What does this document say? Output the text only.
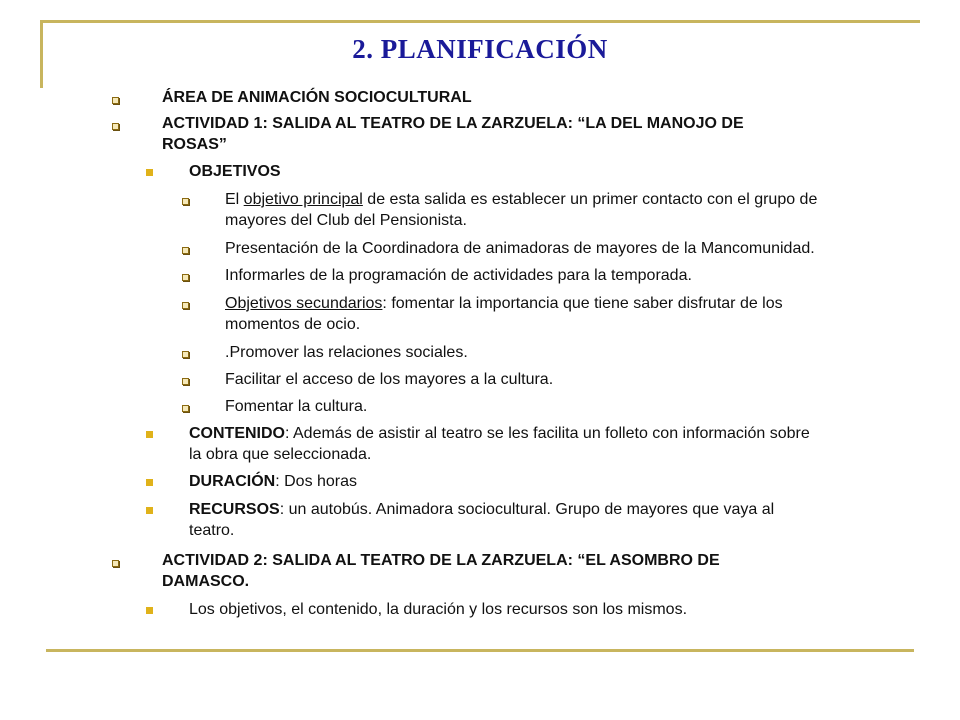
2. PLANIFICACIÓN
ÁREA DE ANIMACIÓN SOCIOCULTURAL
ACTIVIDAD 1: SALIDA AL TEATRO DE LA ZARZUELA: “LA DEL MANOJO DE
ROSAS”
OBJETIVOS
El objetivo principal de esta salida es establecer un primer contacto con el grupo de
mayores del Club del Pensionista.
Presentación de la Coordinadora de animadoras de mayores de la Mancomunidad.
Informarles de la programación de actividades para la temporada.
Objetivos secundarios: fomentar la importancia que tiene saber disfrutar de los
momentos de ocio.
.Promover las relaciones sociales.
Facilitar el acceso de los mayores a la cultura.
Fomentar la cultura.
CONTENIDO: Además de asistir al teatro se les facilita un folleto con información sobre
la obra que seleccionada.
DURACIÓN: Dos horas
RECURSOS: un autobús. Animadora sociocultural. Grupo de mayores que vaya al
teatro.
ACTIVIDAD 2: SALIDA AL TEATRO DE LA ZARZUELA: “EL ASOMBRO DE
DAMASCO.
Los objetivos, el contenido, la duración y los recursos son los mismos.
